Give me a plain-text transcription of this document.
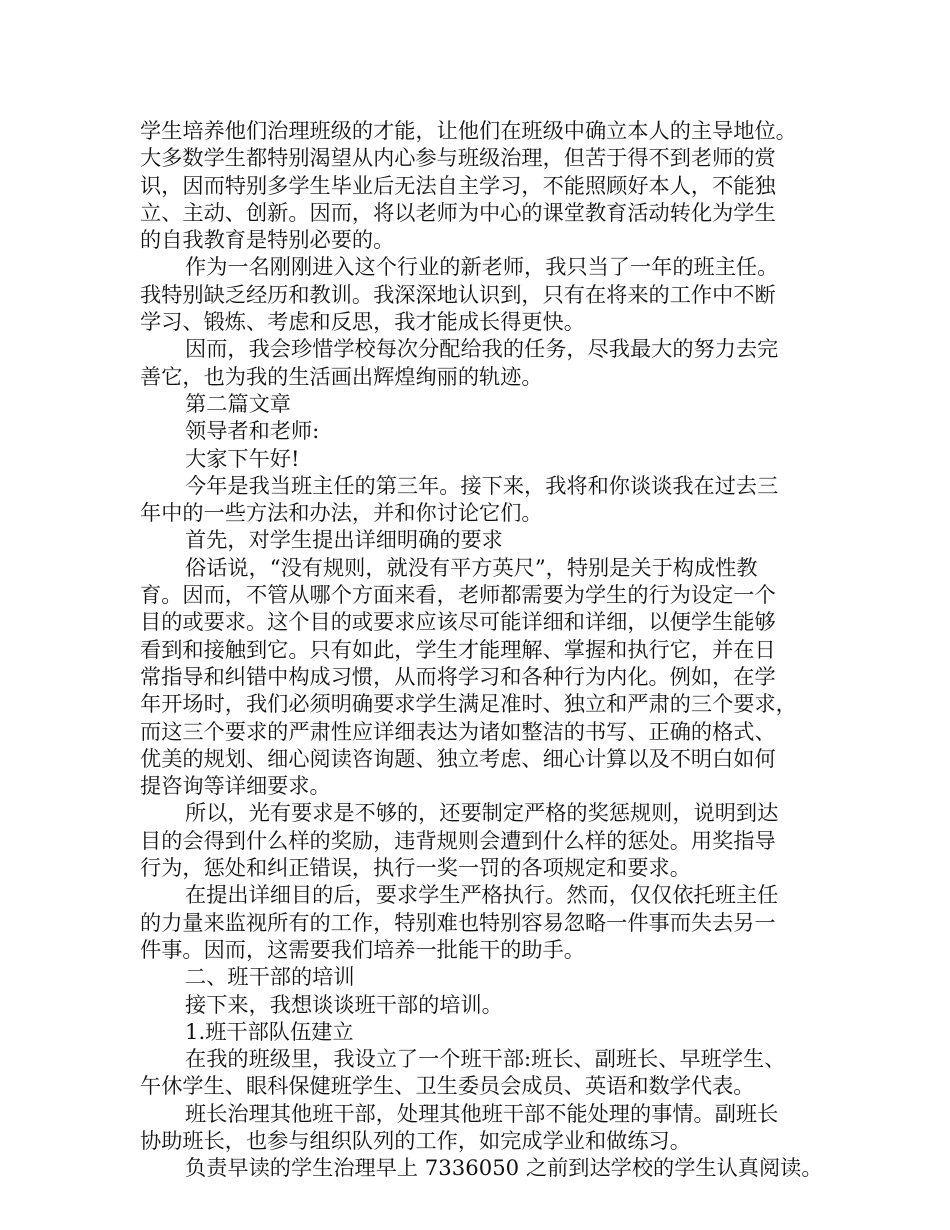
学生培养他们治理班级的才能，让他们在班级中确立本人的主导地位。
大多数学生都特别渴望从内心参与班级治理，但苦于得不到老师的赏
识，因而特别多学生毕业后无法自主学习，不能照顾好本人，不能独
立、主动、创新。因而，将以老师为中心的课堂教育活动转化为学生
的自我教育是特别必要的。
作为一名刚刚进入这个行业的新老师，我只当了一年的班主任。
我特别缺乏经历和教训。我深深地认识到，只有在将来的工作中不断
学习、锻炼、考虑和反思，我才能成长得更快。
因而，我会珍惜学校每次分配给我的任务，尽我最大的努力去完
善它，也为我的生活画出辉煌绚丽的轨迹。
第二篇文章
领导者和老师:
大家下午好!
今年是我当班主任的第三年。接下来，我将和你谈谈我在过去三
年中的一些方法和办法，并和你讨论它们。
首先，对学生提出详细明确的要求
俗话说，“没有规则，就没有平方英尺”，特别是关于构成性教
育。因而，不管从哪个方面来看，老师都需要为学生的行为设定一个
目的或要求。这个目的或要求应该尽可能详细和详细，以便学生能够
看到和接触到它。只有如此，学生才能理解、掌握和执行它，并在日
常指导和纠错中构成习惯，从而将学习和各种行为内化。例如，在学
年开场时，我们必须明确要求学生满足准时、独立和严肃的三个要求，
而这三个要求的严肃性应详细表达为诸如整洁的书写、正确的格式、
优美的规划、细心阅读咨询题、独立考虑、细心计算以及不明白如何
提咨询等详细要求。
所以，光有要求是不够的，还要制定严格的奖惩规则，说明到达
目的会得到什么样的奖励，违背规则会遭到什么样的惩处。用奖指导
行为，惩处和纠正错误，执行一奖一罚的各项规定和要求。
在提出详细目的后，要求学生严格执行。然而，仅仅依托班主任
的力量来监视所有的工作，特别难也特别容易忽略一件事而失去另一
件事。因而，这需要我们培养一批能干的助手。
二、班干部的培训
接下来，我想谈谈班干部的培训。
1.班干部队伍建立
在我的班级里，我设立了一个班干部:班长、副班长、早班学生、
午休学生、眼科保健班学生、卫生委员会成员、英语和数学代表。
班长治理其他班干部，处理其他班干部不能处理的事情。副班长
协助班长，也参与组织队列的工作，如完成学业和做练习。
负责早读的学生治理早上 7336050 之前到达学校的学生认真阅读。
